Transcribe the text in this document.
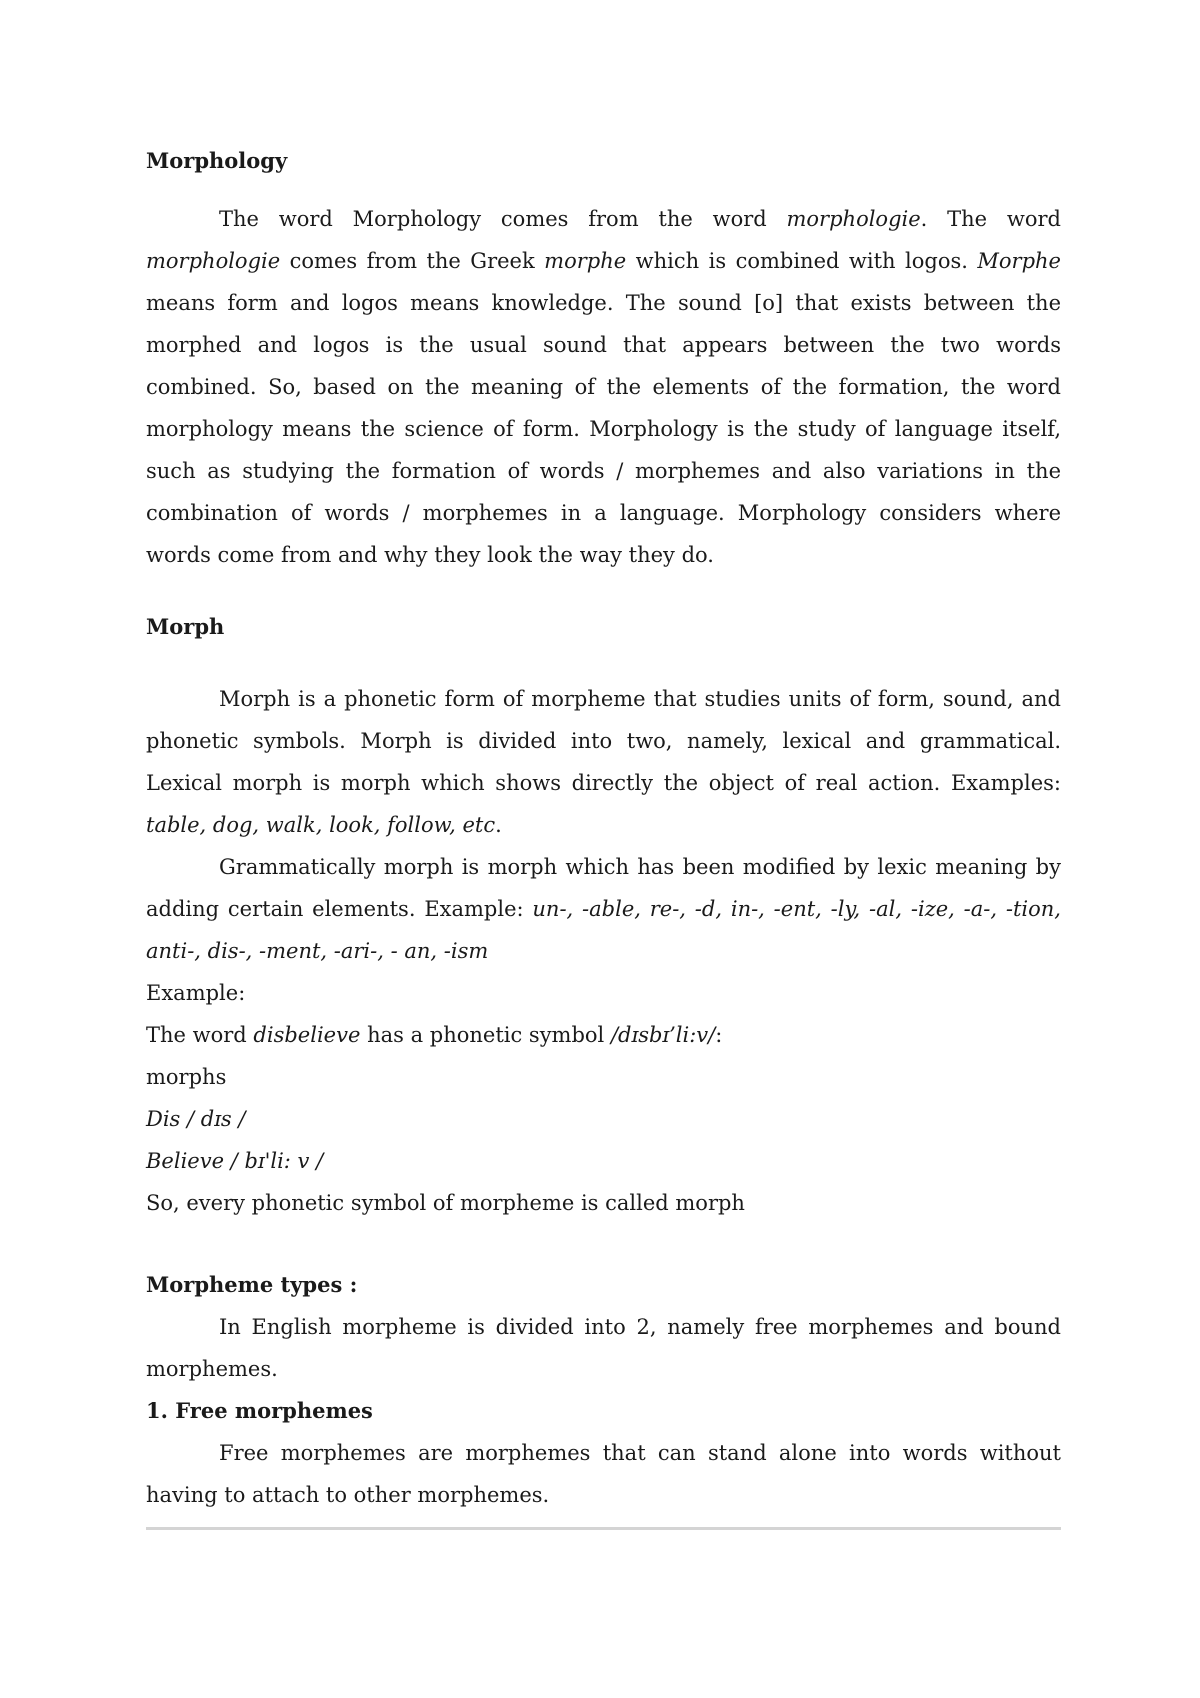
Morphology

The word Morphology comes from the word morphologie. The word morphologie comes from the Greek morphe which is combined with logos. Morphe means form and logos means knowledge. The sound [o] that exists between the morphed and logos is the usual sound that appears between the two words combined. So, based on the meaning of the elements of the formation, the word morphology means the science of form. Morphology is the study of language itself, such as studying the formation of words / morphemes and also variations in the combination of words / morphemes in a language. Morphology considers where words come from and why they look the way they do.

Morph

Morph is a phonetic form of morpheme that studies units of form, sound, and phonetic symbols. Morph is divided into two, namely, lexical and grammatical. Lexical morph is morph which shows directly the object of real action. Examples: table, dog, walk, look, follow, etc.

Grammatically morph is morph which has been modified by lexic meaning by adding certain elements. Example: un-, -able, re-, -d, in-, -ent, -ly, -al, -ize, -a-, -tion, anti-, dis-, -ment, -ari-, - an, -ism

Example:

The word disbelieve has a phonetic symbol /dɪsbɪ’li:v/:

morphs

Dis / dɪs /

Believe / bɪ'li: v /

So, every phonetic symbol of morpheme is called morph

Morpheme types :

In English morpheme is divided into 2, namely free morphemes and bound morphemes.

1. Free morphemes

Free morphemes are morphemes that can stand alone into words without having to attach to other morphemes.
